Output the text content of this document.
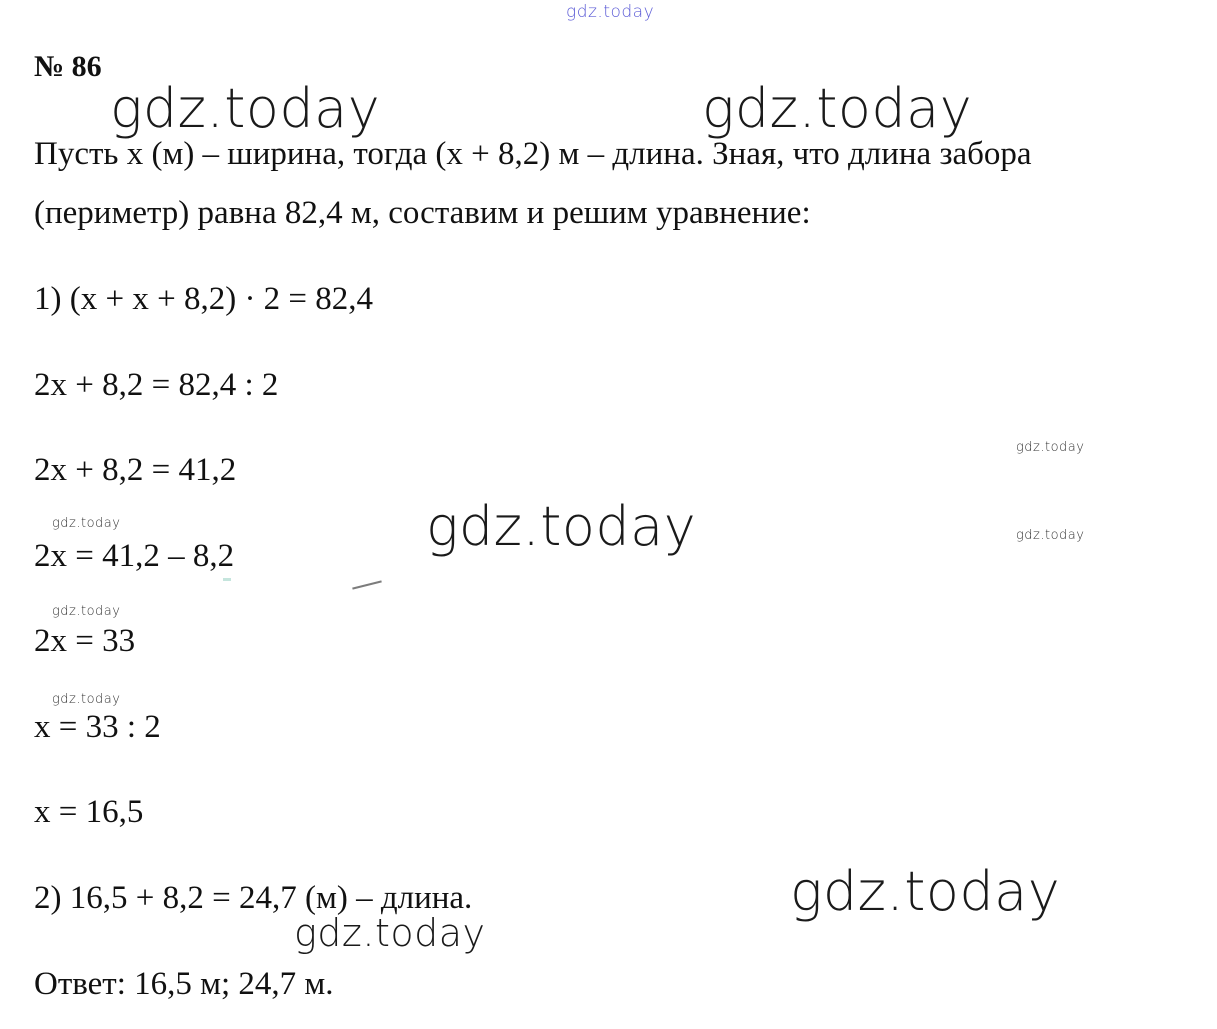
gdz.today
gdz.today	gdz.today
gdz.today
gdz.today
gdz.today
gdz.today
gdz.today
gdz.today
gdz.today
gdz.today
№ 86
Пусть x (м) – ширина, тогда (x + 8,2) м – длина. Зная, что длина забора
(периметр) равна 82,4 м, составим и решим уравнение:
1) (x + x + 8,2) · 2 = 82,4
2x + 8,2 = 82,4 : 2
2x + 8,2 = 41,2
2x = 41,2 – 8,2
2x = 33
x = 33 : 2
x = 16,5
2) 16,5 + 8,2 = 24,7 (м) – длина.
Ответ: 16,5 м; 24,7 м.
